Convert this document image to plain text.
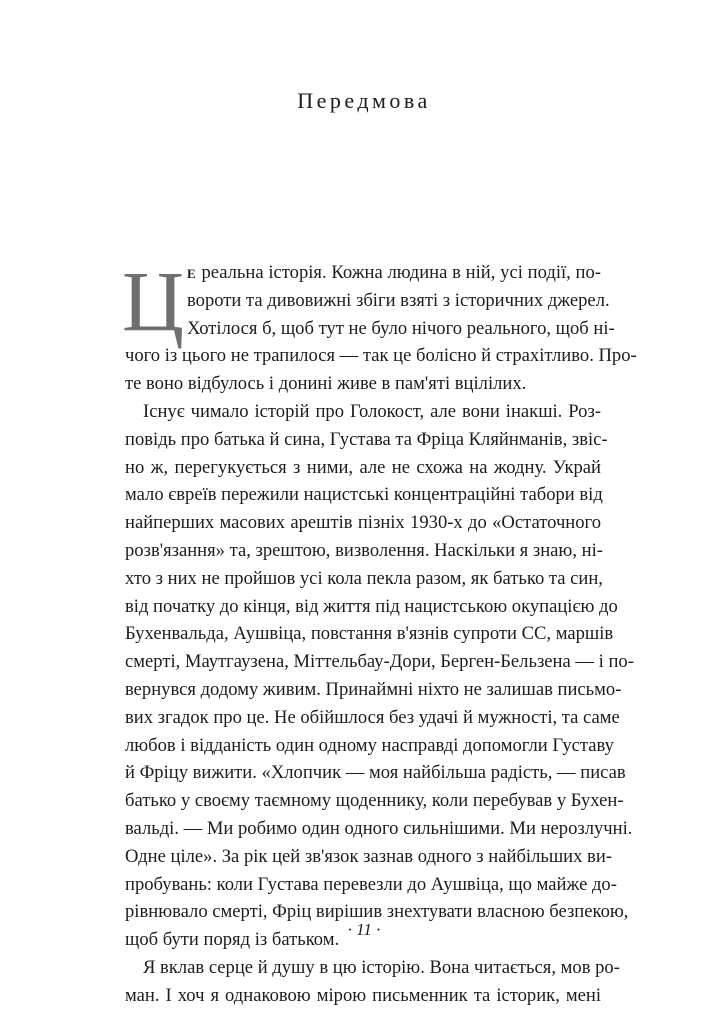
Передмова
Ц е реальна історія. Кожна людина в ній, усі події, по-
вороти та дивовижні збіги взяті з історичних джерел.
Хотілося б, щоб тут не було нічого реального, щоб ні-
чого із цього не трапилося — так це болісно й страхітливо. Про-
те воно відбулось і донині живе в пам'яті вцілілих.
Існує чимало історій про Голокост, але вони інакші. Роз-
повідь про батька й сина, Густава та Фріца Кляйнманів, звіс-
но ж, перегукується з ними, але не схожа на жодну. Украй
мало євреїв пережили нацистські концентраційні табори від
найперших масових арештів пізніх 1930-х до «Остаточного
розв'язання» та, зрештою, визволення. Наскільки я знаю, ні-
хто з них не пройшов усі кола пекла разом, як батько та син,
від початку до кінця, від життя під нацистською окупацією до
Бухенвальда, Аушвіца, повстання в'язнів супроти СС, маршів
смерті, Маутгаузена, Міттельбау-Дори, Берген-Бельзена — і по-
вернувся додому живим. Принаймні ніхто не залишав письмо-
вих згадок про це. Не обійшлося без удачі й мужності, та саме
любов і відданість один одному насправді допомогли Густаву
й Фріцу вижити. «Хлопчик — моя найбільша радість, — писав
батько у своєму таємному щоденнику, коли перебував у Бухен-
вальді. — Ми робимо один одного сильнішими. Ми нерозлучні.
Одне ціле». За рік цей зв'язок зазнав одного з найбільших ви-
пробувань: коли Густава перевезли до Аушвіца, що майже до-
рівнювало смерті, Фріц вирішив знехтувати власною безпекою,
щоб бути поряд із батьком.
Я вклав серце й душу в цю історію. Вона читається, мов ро-
ман. І хоч я однаковою мірою письменник та історик, мені
· 11 ·
